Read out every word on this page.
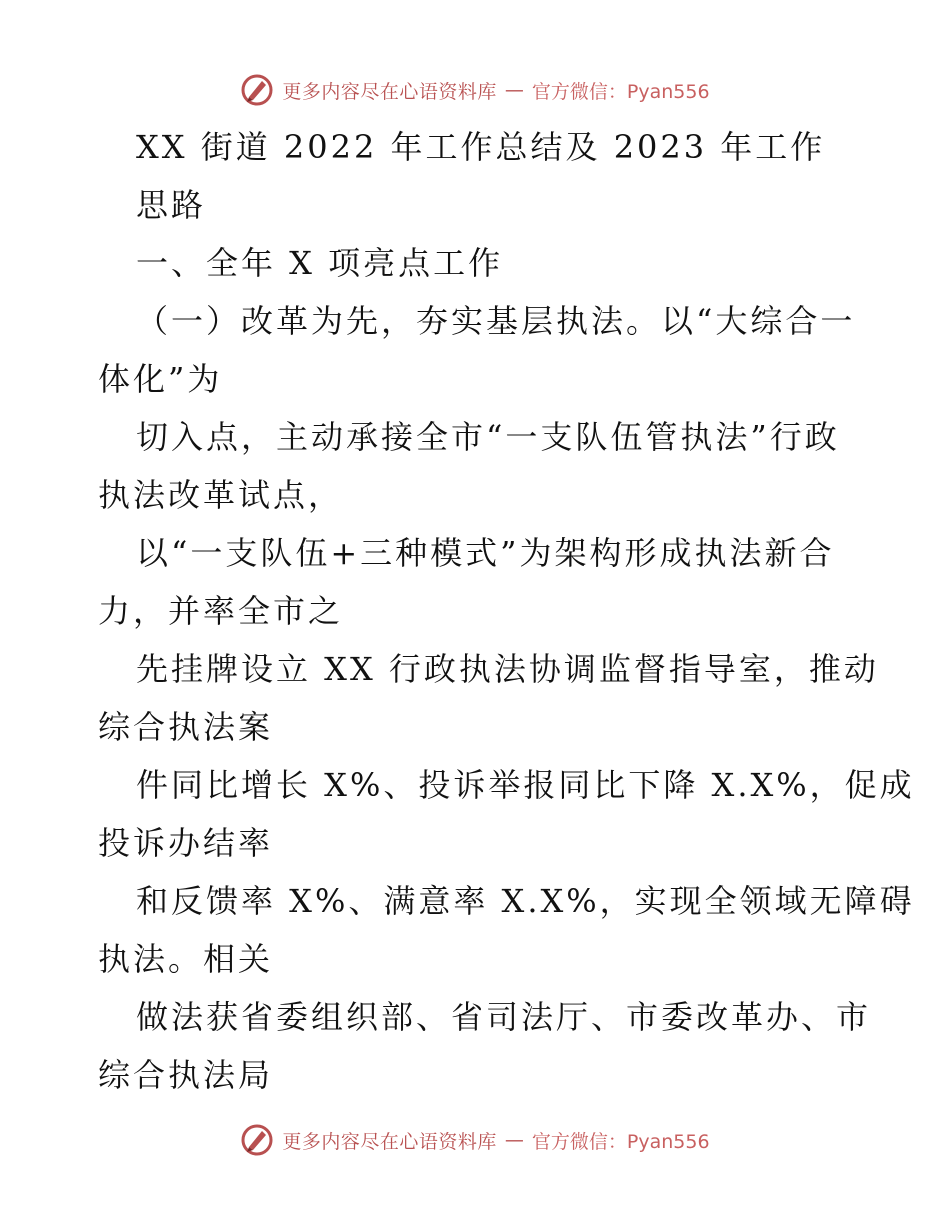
更多内容尽在心语资料库 — 官方微信：Pyan556
XX 街道 2022 年工作总结及 2023 年工作
思路
一、全年 X 项亮点工作
（一）改革为先，夯实基层执法。以“大综合一
体化”为
切入点，主动承接全市“一支队伍管执法”行政
执法改革试点，
以“一支队伍+三种模式”为架构形成执法新合
力，并率全市之
先挂牌设立 XX 行政执法协调监督指导室，推动
综合执法案
件同比增长 X%、投诉举报同比下降 X.X%，促成
投诉办结率
和反馈率 X%、满意率 X.X%，实现全领域无障碍
执法。相关
做法获省委组织部、省司法厅、市委改革办、市
综合执法局
更多内容尽在心语资料库 — 官方微信：Pyan556
